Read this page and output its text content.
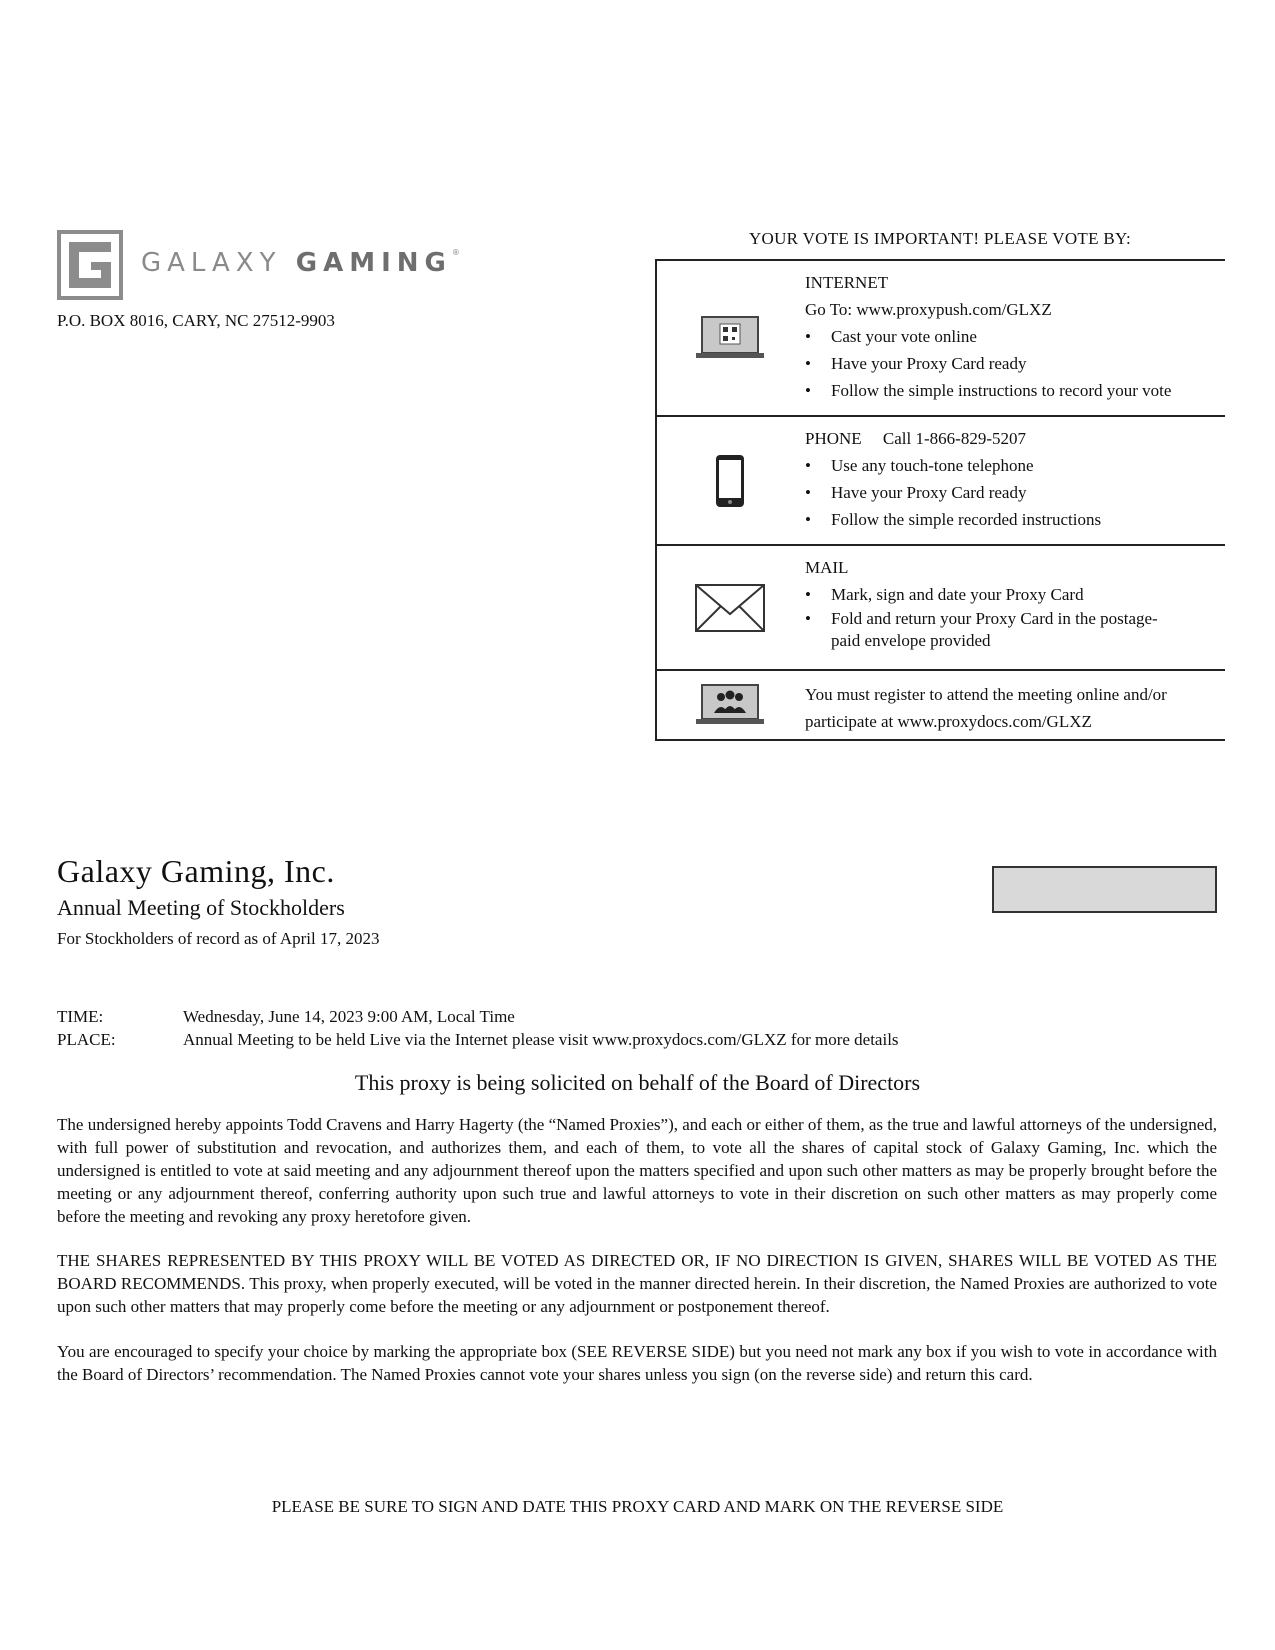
GALAXY GAMING®
P.O. BOX 8016, CARY, NC 27512-9903
YOUR VOTE IS IMPORTANT! PLEASE VOTE BY:
INTERNET
Go To: www.proxypush.com/GLXZ
• Cast your vote online
• Have your Proxy Card ready
• Follow the simple instructions to record your vote
PHONE Call 1-866-829-5207
• Use any touch-tone telephone
• Have your Proxy Card ready
• Follow the simple recorded instructions
MAIL
• Mark, sign and date your Proxy Card
• Fold and return your Proxy Card in the postage-
paid envelope provided
You must register to attend the meeting online and/or
participate at www.proxydocs.com/GLXZ
Galaxy Gaming, Inc.
Annual Meeting of Stockholders
For Stockholders of record as of April 17, 2023
TIME:	Wednesday, June 14, 2023 9:00 AM, Local Time
PLACE:	Annual Meeting to be held Live via the Internet please visit www.proxydocs.com/GLXZ for more details
This proxy is being solicited on behalf of the Board of Directors
The undersigned hereby appoints Todd Cravens and Harry Hagerty (the “Named Proxies”), and each or either of them, as the true and lawful attorneys of the undersigned, with full power of substitution and revocation, and authorizes them, and each of them, to vote all the shares of capital stock of Galaxy Gaming, Inc. which the undersigned is entitled to vote at said meeting and any adjournment thereof upon the matters specified and upon such other matters as may be properly brought before the meeting or any adjournment thereof, conferring authority upon such true and lawful attorneys to vote in their discretion on such other matters as may properly come before the meeting and revoking any proxy heretofore given.
THE SHARES REPRESENTED BY THIS PROXY WILL BE VOTED AS DIRECTED OR, IF NO DIRECTION IS GIVEN, SHARES WILL BE VOTED AS THE BOARD RECOMMENDS. This proxy, when properly executed, will be voted in the manner directed herein. In their discretion, the Named Proxies are authorized to vote upon such other matters that may properly come before the meeting or any adjournment or postponement thereof.
You are encouraged to specify your choice by marking the appropriate box (SEE REVERSE SIDE) but you need not mark any box if you wish to vote in accordance with the Board of Directors’ recommendation. The Named Proxies cannot vote your shares unless you sign (on the reverse side) and return this card.
PLEASE BE SURE TO SIGN AND DATE THIS PROXY CARD AND MARK ON THE REVERSE SIDE
